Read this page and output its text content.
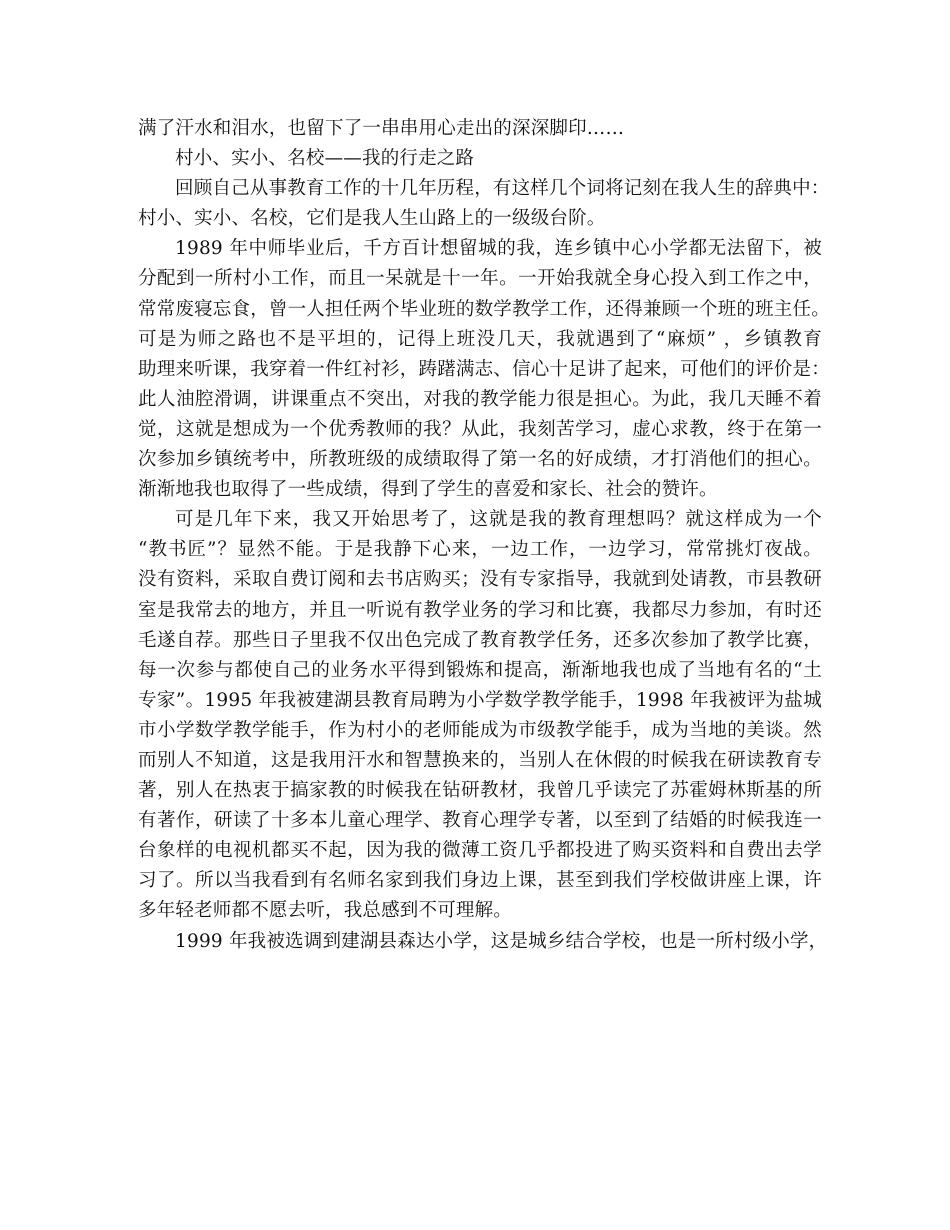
满了汗水和泪水，也留下了一串串用心走出的深深脚印……
村小、实小、名校——我的行走之路
回顾自己从事教育工作的十几年历程，有这样几个词将记刻在我人生的辞典中：
村小、实小、名校，它们是我人生山路上的一级级台阶。
1989 年中师毕业后，千方百计想留城的我，连乡镇中心小学都无法留下，被
分配到一所村小工作，而且一呆就是十一年。一开始我就全身心投入到工作之中，
常常废寝忘食，曾一人担任两个毕业班的数学教学工作，还得兼顾一个班的班主任。
可是为师之路也不是平坦的，记得上班没几天，我就遇到了“麻烦” ，乡镇教育
助理来听课，我穿着一件红衬衫，踌躇满志、信心十足讲了起来，可他们的评价是：
此人油腔滑调，讲课重点不突出，对我的教学能力很是担心。为此，我几天睡不着
觉，这就是想成为一个优秀教师的我？从此，我刻苦学习，虚心求教，终于在第一
次参加乡镇统考中，所教班级的成绩取得了第一名的好成绩，才打消他们的担心。
渐渐地我也取得了一些成绩，得到了学生的喜爱和家长、社会的赞许。
可是几年下来，我又开始思考了，这就是我的教育理想吗？就这样成为一个
“教书匠”？显然不能。于是我静下心来，一边工作，一边学习，常常挑灯夜战。
没有资料，采取自费订阅和去书店购买；没有专家指导，我就到处请教，市县教研
室是我常去的地方，并且一听说有教学业务的学习和比赛，我都尽力参加，有时还
毛遂自荐。那些日子里我不仅出色完成了教育教学任务，还多次参加了教学比赛，
每一次参与都使自己的业务水平得到锻炼和提高，渐渐地我也成了当地有名的“土
专家”。1995 年我被建湖县教育局聘为小学数学教学能手，1998 年我被评为盐城
市小学数学教学能手，作为村小的老师能成为市级教学能手，成为当地的美谈。然
而别人不知道，这是我用汗水和智慧换来的，当别人在休假的时候我在研读教育专
著，别人在热衷于搞家教的时候我在钻研教材，我曾几乎读完了苏霍姆林斯基的所
有著作，研读了十多本儿童心理学、教育心理学专著，以至到了结婚的时候我连一
台象样的电视机都买不起，因为我的微薄工资几乎都投进了购买资料和自费出去学
习了。所以当我看到有名师名家到我们身边上课，甚至到我们学校做讲座上课，许
多年轻老师都不愿去听，我总感到不可理解。
1999 年我被选调到建湖县森达小学，这是城乡结合学校，也是一所村级小学，
